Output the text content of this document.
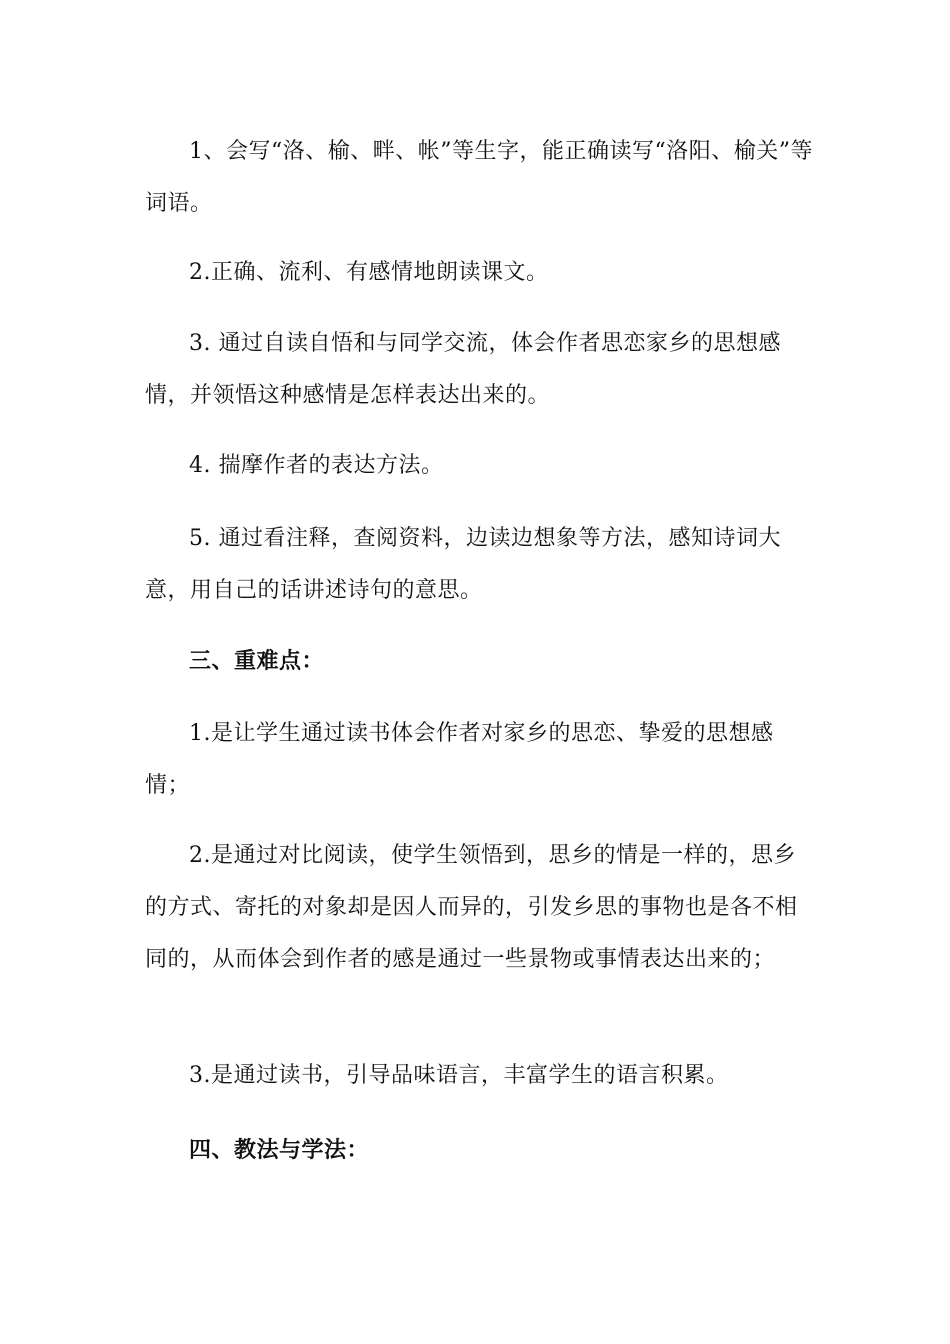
1、会写“洛、榆、畔、帐”等生字，能正确读写“洛阳、榆关”等词语。

2.正确、流利、有感情地朗读课文。

3. 通过自读自悟和与同学交流，体会作者思恋家乡的思想感情，并领悟这种感情是怎样表达出来的。

4. 揣摩作者的表达方法。

5. 通过看注释，查阅资料，边读边想象等方法，感知诗词大意，用自己的话讲述诗句的意思。

三、重难点：

1.是让学生通过读书体会作者对家乡的思恋、挚爱的思想感情；

2.是通过对比阅读，使学生领悟到，思乡的情是一样的，思乡的方式、寄托的对象却是因人而异的，引发乡思的事物也是各不相同的，从而体会到作者的感是通过一些景物或事情表达出来的；

3.是通过读书，引导品味语言，丰富学生的语言积累。

四、教法与学法：
